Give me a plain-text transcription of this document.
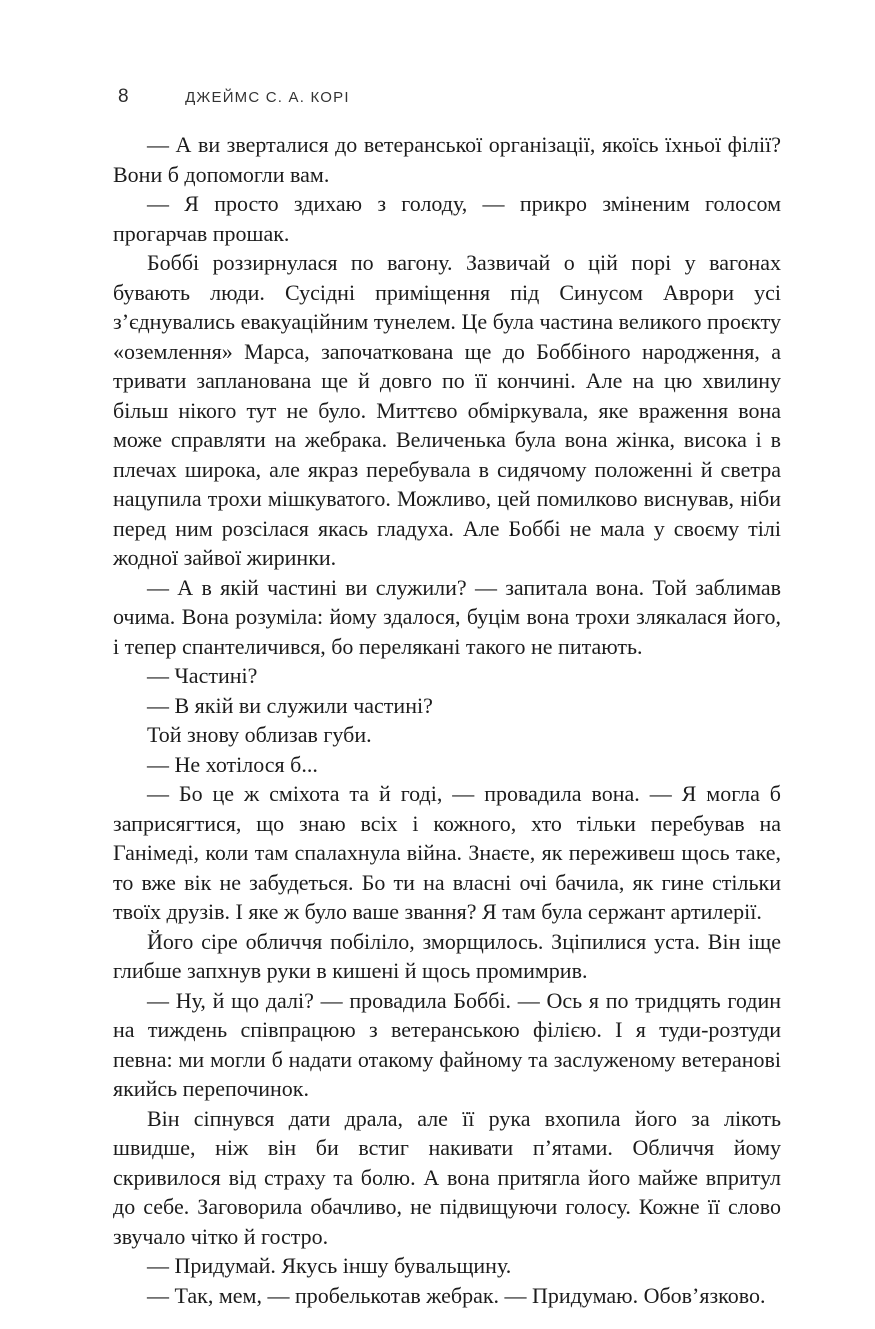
8	ДЖЕЙМС С. А. КОРІ

— А ви зверталися до ветеранської організації, якоїсь їхньої філії? Вони б допомогли вам.

— Я просто здихаю з голоду, — прикро зміненим голосом прогарчав прошак.

Боббі роззирнулася по вагону. Зазвичай о цій порі у вагонах бувають люди. Сусідні приміщення під Синусом Аврори усі з’єднувались евакуаційним тунелем. Це була частина великого проєкту «оземлення» Марса, започаткована ще до Боббіного народження, а тривати запланована ще й довго по її кончині. Але на цю хвилину більш нікого тут не було. Миттєво обміркувала, яке враження вона може справляти на жебрака. Величенька була вона жінка, висока і в плечах широка, але якраз перебувала в сидячому положенні й светра нацупила трохи мішкуватого. Можливо, цей помилково виснував, ніби перед ним розсілася якась гладуха. Але Боббі не мала у своєму тілі жодної зайвої жиринки.

— А в якій частині ви служили? — запитала вона. Той заблимав очима. Вона розуміла: йому здалося, буцім вона трохи злякалася його, і тепер спантеличився, бо перелякані такого не питають.

— Частині?

— В якій ви служили частині?

Той знову облизав губи.

— Не хотілося б...

— Бо це ж сміхота та й годі, — провадила вона. — Я могла б заприсягтися, що знаю всіх і кожного, хто тільки перебував на Ганімеді, коли там спалахнула війна. Знаєте, як переживеш щось таке, то вже вік не забудеться. Бо ти на власні очі бачила, як гине стільки твоїх друзів. І яке ж було ваше звання? Я там була сержант артилерії.

Його сіре обличчя побіліло, зморщилось. Зціпилися уста. Він іще глибше запхнув руки в кишені й щось промимрив.

— Ну, й що далі? — провадила Боббі. — Ось я по тридцять годин на тиждень співпрацюю з ветеранською філією. І я туди-розтуди певна: ми могли б надати отакому файному та заслуженому ветеранові якийсь перепочинок.

Він сіпнувся дати драла, але її рука вхопила його за лікоть швидше, ніж він би встиг накивати п’ятами. Обличчя йому скривилося від страху та болю. А вона притягла його майже впритул до себе. Заговорила обачливо, не підвищуючи голосу. Кожне її слово звучало чітко й гостро.

— Придумай. Якусь іншу бувальщину.

— Так, мем, — пробелькотав жебрак. — Придумаю. Обов’язково.
